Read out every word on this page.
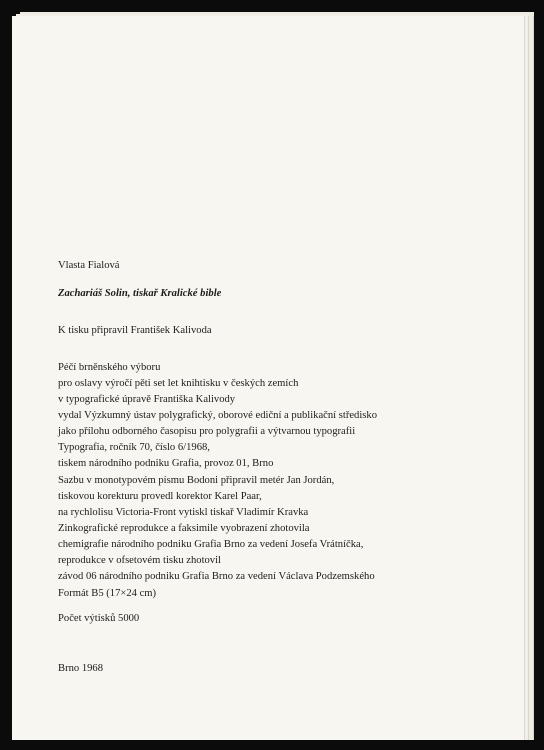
Vlasta Fialová

Zachariáš Solin, tiskař Kralické bible

K tisku připravil František Kalivoda

Péčí brněnského výboru

pro oslavy výročí pěti set let knihtisku v českých zemích

v typografické úpravě Františka Kalivody

vydal Výzkumný ústav polygrafický, oborové ediční a publikační středisko

jako přílohu odborného časopisu pro polygrafii a výtvarnou typografii

Typografia, ročník 70, číslo 6/1968,

tiskem národního podniku Grafia, provoz 01, Brno

Sazbu v monotypovém písmu Bodoni připravil metér Jan Jordán,

tiskovou korekturu provedl korektor Karel Paar,

na rychlolisu Victoria-Front vytiskl tiskař Vladimír Kravka

Zinkografické reprodukce a faksimile vyobrazení zhotovila

chemigrafie národního podniku Grafia Brno za vedení Josefa Vrátníčka,

reprodukce v ofsetovém tisku zhotovil

závod 06 národního podniku Grafia Brno za vedení Václava Podzemského

Formát B5 (17×24 cm)

Počet výtisků 5000

Brno 1968
